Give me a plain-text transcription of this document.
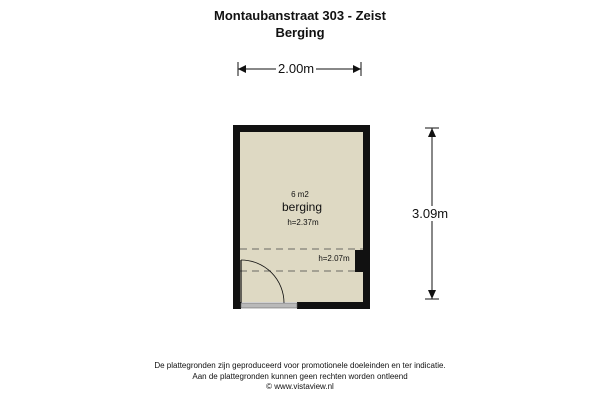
Montaubanstraat 303 - Zeist
Berging
6 m2
berging
h=2.37m
h=2.07m
2.00m
3.09m
De plattegronden zijn geproduceerd voor promotionele doeleinden en ter indicatie.
Aan de plattegronden kunnen geen rechten worden ontleend
© www.vistaview.nl
